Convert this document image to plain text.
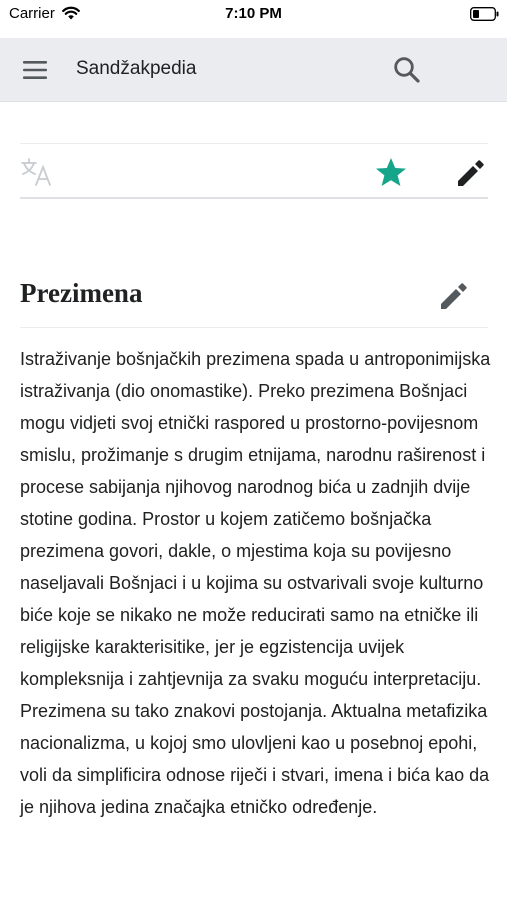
Carrier	7:10 PM
Sandžakpedia
Prezimena

Istraživanje bošnjačkih prezimena spada u antroponimijska istraživanja (dio onomastike). Preko prezimena Bošnjaci mogu vidjeti svoj etnički raspored u prostorno-povijesnom smislu, prožimanje s drugim etnijama, narodnu raširenost i procese sabijanja njihovog narodnog bića u zadnjih dvije stotine godina. Prostor u kojem zatičemo bošnjačka prezimena govori, dakle, o mjestima koja su povijesno naseljavali Bošnjaci i u kojima su ostvarivali svoje kulturno biće koje se nikako ne može reducirati samo na etničke ili religijske karakterisitike, jer je egzistencija uvijek kompleksnija i zahtjevnija za svaku moguću interpretaciju. Prezimena su tako znakovi postojanja. Aktualna metafizika nacionalizma, u kojoj smo ulovljeni kao u posebnoj epohi, voli da simplificira odnose riječi i stvari, imena i bića kao da je njihova jedina značajka etničko određenje.
